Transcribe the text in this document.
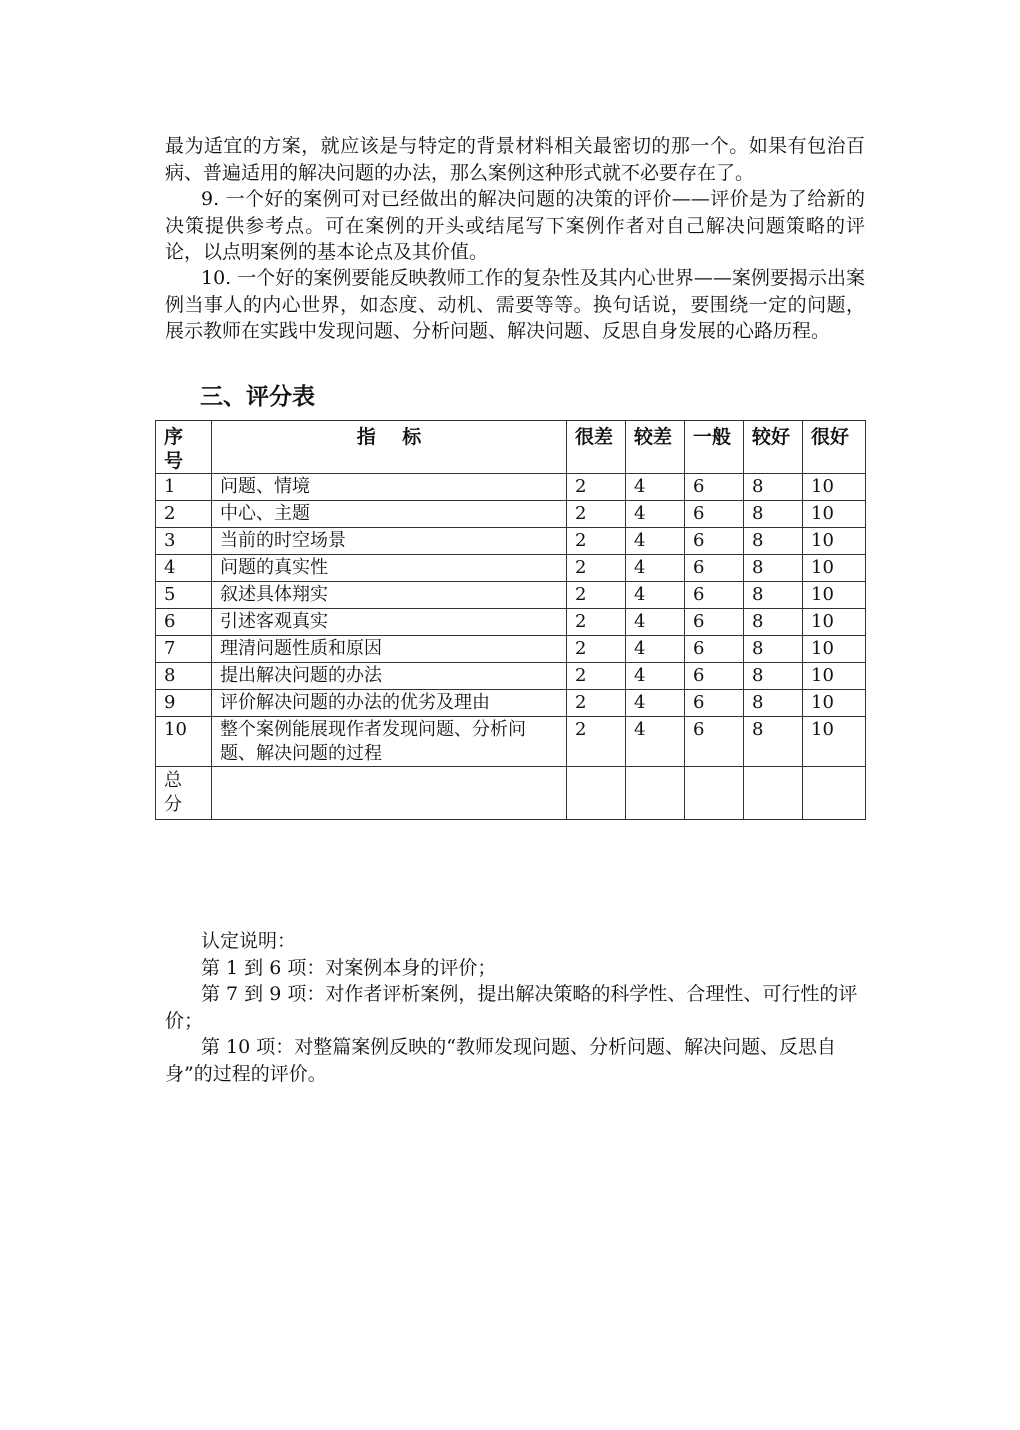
最为适宜的方案，就应该是与特定的背景材料相关最密切的那一个。如果有包治百病、普遍适用的解决问题的办法，那么案例这种形式就不必要存在了。

9. 一个好的案例可对已经做出的解决问题的决策的评价——评价是为了给新的决策提供参考点。可在案例的开头或结尾写下案例作者对自己解决问题策略的评论，以点明案例的基本论点及其价值。

10. 一个好的案例要能反映教师工作的复杂性及其内心世界——案例要揭示出案例当事人的内心世界，如态度、动机、需要等等。换句话说，要围绕一定的问题，展示教师在实践中发现问题、分析问题、解决问题、反思自身发展的心路历程。

三、评分表
序号	指    标	很差	较差	一般	较好	很好
1	问题、情境	2	4	6	8	10
2	中心、主题	2	4	6	8	10
3	当前的时空场景	2	4	6	8	10
4	问题的真实性	2	4	6	8	10
5	叙述具体翔实	2	4	6	8	10
6	引述客观真实	2	4	6	8	10
7	理清问题性质和原因	2	4	6	8	10
8	提出解决问题的办法	2	4	6	8	10
9	评价解决问题的办法的优劣及理由	2	4	6	8	10
10	整个案例能展现作者发现问题、分析问题、解决问题的过程	2	4	6	8	10
总分						

认定说明：

第 1 到 6 项：对案例本身的评价；

第 7 到 9 项：对作者评析案例，提出解决策略的科学性、合理性、可行性的评价；

第 10 项：对整篇案例反映的“教师发现问题、分析问题、解决问题、反思自身”的过程的评价。
